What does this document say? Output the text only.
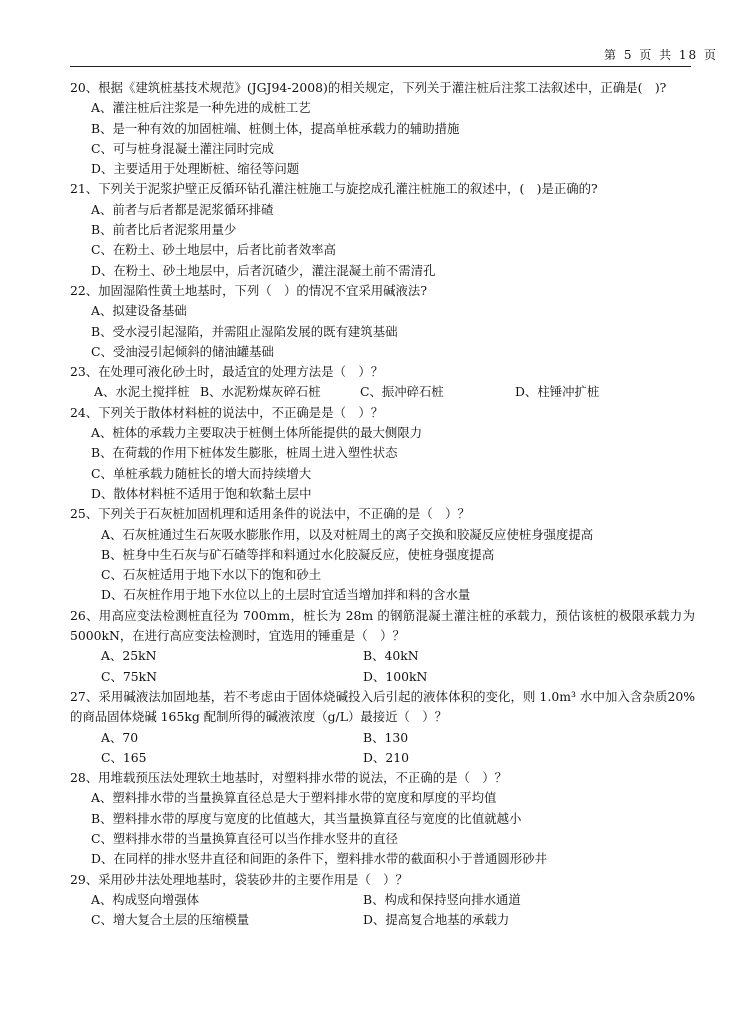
第 5 页 共 18 页
20、根据《建筑桩基技术规范》(JGJ94-2008)的相关规定，下列关于灌注桩后注浆工法叙述中，正确是(　)?
A、灌注桩后注浆是一种先进的成桩工艺
B、是一种有效的加固桩端、桩侧土体，提高单桩承载力的辅助措施
C、可与桩身混凝土灌注同时完成
D、主要适用于处理断桩、缩径等问题
21、下列关于泥浆护壁正反循环钻孔灌注桩施工与旋挖成孔灌注桩施工的叙述中，(　)是正确的?
A、前者与后者都是泥浆循环排碴
B、前者比后者泥浆用量少
C、在粉土、砂土地层中，后者比前者效率高
D、在粉土、砂土地层中，后者沉碴少，灌注混凝土前不需清孔
22、加固湿陷性黄土地基时，下列（　）的情况不宜采用碱液法?
A、拟建设备基础
B、受水浸引起湿陷，并需阻止湿陷发展的既有建筑基础
C、受油浸引起倾斜的储油罐基础
23、在处理可液化砂土时，最适宜的处理方法是（　）？
A、水泥土搅拌桩 B、水泥粉煤灰碎石桩	C、振冲碎石桩	D、柱锤冲扩桩
24、下列关于散体材料桩的说法中，不正确是是（　）？
A、桩体的承载力主要取决于桩侧土体所能提供的最大侧限力
B、在荷载的作用下桩体发生膨胀，桩周土进入塑性状态
C、单桩承载力随桩长的增大而持续增大
D、散体材料桩不适用于饱和软黏土层中
25、下列关于石灰桩加固机理和适用条件的说法中，不正确的是（　）？
A、石灰桩通过生石灰吸水膨胀作用，以及对桩周土的离子交换和胶凝反应使桩身强度提高
B、桩身中生石灰与矿石碴等拌和料通过水化胶凝反应，使桩身强度提高
C、石灰桩适用于地下水以下的饱和砂土
D、石灰桩作用于地下水位以上的土层时宜适当增加拌和料的含水量
26、用高应变法检测桩直径为 700mm，桩长为 28m 的钢筋混凝土灌注桩的承载力，预估该桩的极限承载力为 5000kN，在进行高应变法检测时，宜选用的锤重是（　）？
A、25kN	B、40kN
C、75kN	D、100kN
27、采用碱液法加固地基，若不考虑由于固体烧碱投入后引起的液体体积的变化，则 1.0m³ 水中加入含杂质20%的商品固体烧碱 165kg 配制所得的碱液浓度（g/L）最接近（　）？
A、70	B、130
C、165	D、210
28、用堆载预压法处理软土地基时，对塑料排水带的说法，不正确的是（　）？
A、塑料排水带的当量换算直径总是大于塑料排水带的宽度和厚度的平均值
B、塑料排水带的厚度与宽度的比值越大，其当量换算直径与宽度的比值就越小
C、塑料排水带的当量换算直径可以当作排水竖井的直径
D、在同样的排水竖井直径和间距的条件下，塑料排水带的截面积小于普通圆形砂井
29、采用砂井法处理地基时，袋装砂井的主要作用是（　）？
A、构成竖向增强体	B、构成和保持竖向排水通道
C、增大复合土层的压缩模量	D、提高复合地基的承载力
